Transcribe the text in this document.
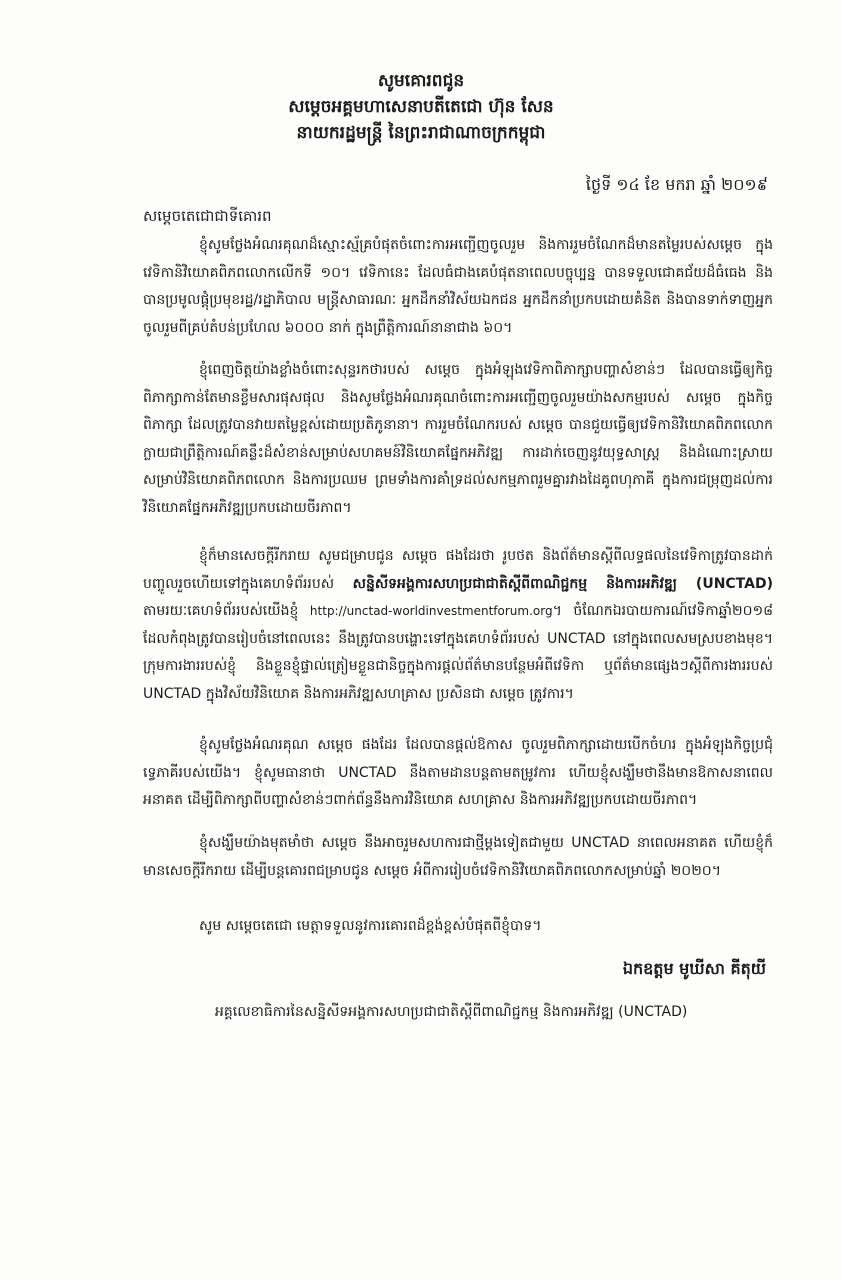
សូមគោរពជូន
សម្តេចអគ្គមហាសេនាបតីតេជោ ហ៊ុន សែន
នាយករដ្ឋមន្ត្រី នៃព្រះរាជាណាចក្រកម្ពុជា
ថ្ងៃទី ១៤ ខែ មករា ឆ្នាំ ២០១៩
សម្តេចតេជោជាទីគោរព

ខ្ញុំសូមថ្លែងអំណរគុណដ៏ស្មោះស្ម័គ្របំផុតចំពោះការអញ្ជើញចូលរួម និងការរួមចំណែកដ៏មានតម្លៃរបស់សម្តេច ក្នុងវេទិកានិវិយោគពិភពលោកលើកទី ១០។ វេទិកានេះ ដែលធំជាងគេបំផុតនាពេលបច្ចុប្បន្ន បានទទួលជោគជ័យដ៏ធំធេង និងបានប្រមូលផ្តុំប្រមុខរដ្ឋ/រដ្ឋាភិបាល មន្ត្រីសាធារណៈ អ្នកដឹកនាំវិស័យឯកជន អ្នកដឹកនាំប្រកបដោយគំនិត និងបានទាក់ទាញអ្នកចូលរួមពីគ្រប់តំបន់ប្រហែល ៦០០០ នាក់ ក្នុងព្រឹត្តិការណ៍នានាជាង ៦០។

ខ្ញុំពេញចិត្តយ៉ាងខ្លាំងចំពោះសុន្ទរកថារបស់ សម្តេច ក្នុងអំឡុងវេទិកាពិភាក្សាបញ្ហាសំខាន់ៗ ដែលបានធ្វើឲ្យកិច្ចពិភាក្សាកាន់តែមានខ្លឹមសារផុសផុល និងសូមថ្លែងអំណរគុណចំពោះការអញ្ជើញចូលរួមយ៉ាងសកម្មរបស់ សម្តេច ក្នុងកិច្ចពិភាក្សា ដែលត្រូវបានវាយតម្លៃខ្ពស់ដោយប្រតិភូនានា។ ការរួមចំណែករបស់ សម្តេច បានជួយធ្វើឲ្យវេទិកានិវិយោគពិភពលោកក្លាយជាព្រឹត្តិការណ៍គន្លឹះដ៏សំខាន់សម្រាប់សហគមន៍វិនិយោគផ្នែកអភិវឌ្ឍ ការដាក់ចេញនូវយុទ្ធសាស្ត្រ និងដំណោះស្រាយសម្រាប់វិនិយោគពិភពលោក និងការប្រឈម ព្រមទាំងការគាំទ្រដល់សកម្មភាពរួមគ្នារវាងដៃគូពហុភាគី ក្នុងការជម្រុញដល់ការវិនិយោគផ្នែកអភិវឌ្ឍប្រកបដោយចីរភាព។

ខ្ញុំក៏មានសេចក្តីរីករាយ សូមជម្រាបជូន សម្តេច ផងដែរថា រូបថត និងព័ត៌មានស្តីពីលទ្ធផលនៃវេទិកាត្រូវបានដាក់បញ្ចូលរួចហើយទៅក្នុងគេហទំព័ររបស់ សន្និសីទអង្គការសហប្រជាជាតិស្តីពីពាណិជ្ជកម្ម និងការអភិវឌ្ឍ (UNCTAD) តាមរយៈគេហទំព័ររបស់យើងខ្ញុំ http://unctad-worldinvestmentforum.org។ ចំណែកឯរបាយការណ៍វេទិកាឆ្នាំ២០១៨ ដែលកំពុងត្រូវបានរៀបចំនៅពេលនេះ នឹងត្រូវបានបង្ហោះទៅក្នុងគេហទំព័ររបស់ UNCTAD នៅក្នុងពេលសមស្របខាងមុខ។ ក្រុមការងាររបស់ខ្ញុំ និងខ្លួនខ្ញុំផ្ទាល់ត្រៀមខ្លួនជានិច្ចក្នុងការផ្តល់ព័ត៌មានបន្ថែមអំពីវេទិកា ឬព័ត៌មានផ្សេងៗស្តីពីការងាររបស់ UNCTAD ក្នុងវិស័យវិនិយោគ និងការអភិវឌ្ឍសហគ្រាស ប្រសិនជា សម្តេច ត្រូវការ។

ខ្ញុំសូមថ្លែងអំណរគុណ សម្តេច ផងដែរ ដែលបានផ្តល់ឱកាស ចូលរួមពិភាក្សាដោយបើកចំហរ ក្នុងអំឡុងកិច្ចប្រជុំទ្វេភាគីរបស់យើង។ ខ្ញុំសូមធានាថា UNCTAD នឹងតាមដានបន្តតាមតម្រូវការ ហើយខ្ញុំសង្ឃឹមថានឹងមានឱកាសនាពេលអនាគត ដើម្បីពិភាក្សាពីបញ្ហាសំខាន់ៗពាក់ព័ន្ធនឹងការវិនិយោគ សហគ្រាស និងការអភិវឌ្ឍប្រកបដោយចីរភាព។

ខ្ញុំសង្ឃឹមយ៉ាងមុតមាំថា សម្តេច នឹងអាចរួមសហការជាថ្មីម្តងទៀតជាមួយ UNCTAD នាពេលអនាគត ហើយខ្ញុំក៏មានសេចក្តីរីករាយ ដើម្បីបន្តគោរពជម្រាបជូន សម្តេច អំពីការរៀបចំវេទិកានិវិយោគពិភពលោកសម្រាប់ឆ្នាំ ២០២០។

សូម សម្តេចតេជោ មេត្តាទទួលនូវការគោរពដ៏ខ្ពង់ខ្ពស់បំផុតពីខ្ញុំបាទ។

ឯកឧត្តម មូឃីសា គីតុយី
អគ្គលេខាធិការនៃសន្និសីទអង្គការសហប្រជាជាតិស្តីពីពាណិជ្ជកម្ម និងការអភិវឌ្ឍ (UNCTAD)
